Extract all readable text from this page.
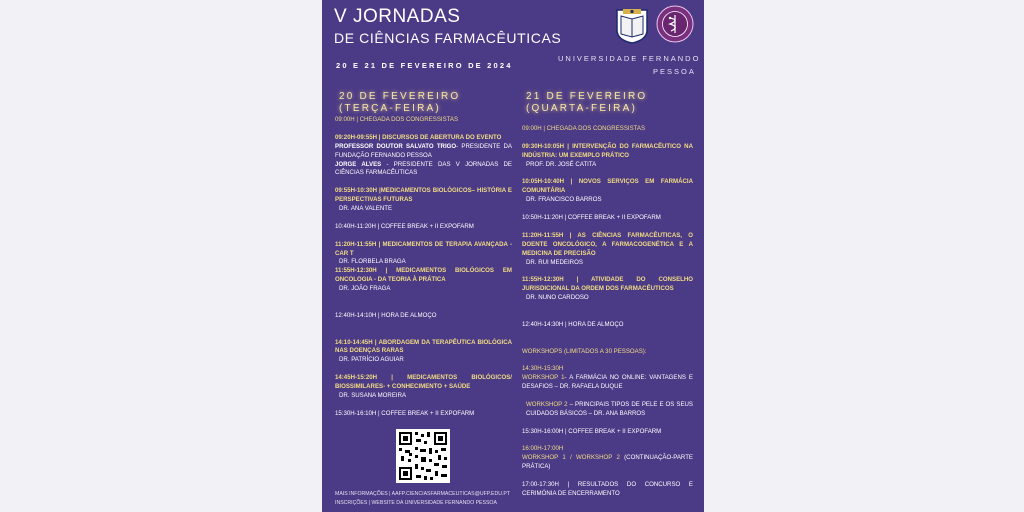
V JORNADAS
DE CIÊNCIAS FARMACÊUTICAS
20 E 21 DE FEVEREIRO DE 2024
UNIVERSIDADE FERNANDO
PESSOA
20 DE FEVEREIRO
(TERÇA-FEIRA)

09:00H | CHEGADA DOS CONGRESSISTAS

09:20H-09:55H | DISCURSOS DE ABERTURA DO EVENTO

PROFESSOR DOUTOR SALVATO TRIGO- PRESIDENTE DA FUNDAÇÃO FERNANDO PESSOA

JORGE ALVES - PRESIDENTE DAS V JORNADAS DE CIÊNCIAS FARMACÊUTICAS

09:55H-10:30H |MEDICAMENTOS BIOLÓGICOS– HISTÓRIA E PERSPECTIVAS FUTURAS

DR. ANA VALENTE

10:40H-11:20H | COFFEE BREAK + II EXPOFARM

11:20H-11:55H | MEDICAMENTOS DE TERAPIA AVANÇADA - CAR T

DR. FLORBELA BRAGA

11:55H-12:30H | MEDICAMENTOS BIOLÓGICOS EM ONCOLOGIA - DA TEORIA À PRÁTICA

DR. JOÃO FRAGA

12:40H-14:10H | HORA DE ALMOÇO

14:10-14:45H | ABORDAGEM DA TERAPÊUTICA BIOLÓGICA NAS DOENÇAS RARAS

DR. PATRÍCIO AGUIAR

14:45H-15:20H | MEDICAMENTOS BIOLÓGICOS/ BIOSSIMILARES- + CONHECIMENTO + SAÚDE

DR. SUSANA MOREIRA

15:30H-16:10H | COFFEE BREAK + II EXPOFARM

MAIS INFORMAÇÕES | AAFP.CIENCIASFARMACEUTICAS@UFP.EDU.PT
INSCRIÇÕES | WEBSITE DA UNIVERSIDADE FERNANDO PESSOA
21 DE FEVEREIRO
(QUARTA-FEIRA)

09:00H | CHEGADA DOS CONGRESSISTAS

09:30H-10:05H | INTERVENÇÃO DO FARMACÊUTICO NA INDÚSTRIA: UM EXEMPLO PRÁTICO

PROF. DR. JOSÉ CATITA

10:05H-10:40H | NOVOS SERVIÇOS EM FARMÁCIA COMUNITÁRIA

DR. FRANCISCO BARROS

10:50H-11:20H | COFFEE BREAK + II EXPOFARM

11:20H-11:55H | AS CIÊNCIAS FARMACÊUTICAS, O DOENTE ONCOLÓGICO, A FARMACOGENÉTICA E A MEDICINA DE PRECISÃO

DR. RUI MEDEIROS

11:55H-12:30H | ATIVIDADE DO CONSELHO JURISDICIONAL DA ORDEM DOS FARMACÊUTICOS

DR. NUNO CARDOSO

12:40H-14:30H | HORA DE ALMOÇO

WORKSHOPS (LIMITADOS A 30 PESSOAS):

14:30H-15:30H

WORKSHOP 1- A FARMÁCIA NO ONLINE: VANTAGENS E DESAFIOS – DR. RAFAELA DUQUE

WORKSHOP 2 – PRINCIPAIS TIPOS DE PELE E OS SEUS CUIDADOS BÁSICOS – DR. ANA BARROS

15:30H-16:00H | COFFEE BREAK + II EXPOFARM

16:00H-17:00H

WORKSHOP 1 / WORKSHOP 2 (CONTINUAÇÃO-PARTE PRÁTICA)

17:00-17:30H | RESULTADOS DO CONCURSO E CERIMÓNIA DE ENCERRAMENTO
